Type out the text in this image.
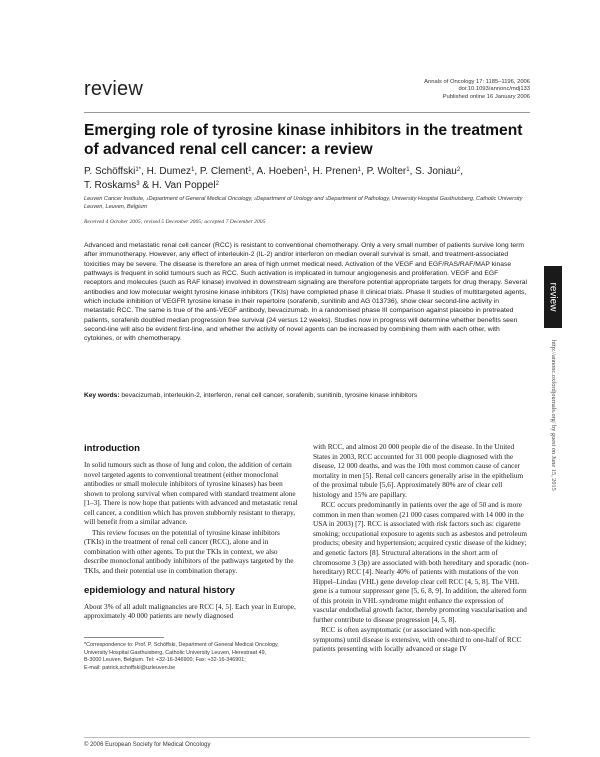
review	Annals of Oncology 17: 1185–1196, 2006
doi:10.1093/annonc/mdj133
Published online 16 January 2006
Emerging role of tyrosine kinase inhibitors in the treatment of advanced renal cell cancer: a review
P. Schöffski$^{1*}$, H. Dumez$^1$, P. Clement$^1$, A. Hoeben$^1$, H. Prenen$^1$, P. Wolter$^1$, S. Joniau$^2$,
T. Roskams$^3$ & H. Van Poppel$^2$
Leuven Cancer Institute, $^1$Department of General Medical Oncology, $^2$Department of Urology and $^3$Department of Pathology, University Hospital Gasthuisberg, Catholic University Leuven, Leuven, Belgium
Received 4 October 2005; revised 5 December 2005; accepted 7 December 2005
Advanced and metastatic renal cell cancer (RCC) is resistant to conventional chemotherapy. Only a very small number of patients survive long term after immunotherapy. However, any effect of interleukin-2 (IL-2) and/or interferon on median overall survival is small, and treatment-associated toxicities may be severe. The disease is therefore an area of high unmet medical need. Activation of the VEGF and EGF/RAS/RAF/MAP kinase pathways is frequent in solid tumours such as RCC. Such activation is implicated in tumour angiogenesis and proliferation. VEGF and EGF receptors and molecules (such as RAF kinase) involved in downstream signaling are therefore potential appropriate targets for drug therapy. Several antibodies and low molecular weight tyrosine kinase inhibitors (TKIs) have completed phase II clinical trials. Phase II studies of multitargeted agents, which include inhibition of VEGFR tyrosine kinase in their repertoire (sorafenib, sunitinib and AG 013736), show clear second-line activity in metastatic RCC. The same is true of the anti-VEGF antibody, bevacizumab. In a randomised phase III comparison against placebo in pretreated patients, sorafenib doubled median progression free survival (24 versus 12 weeks). Studies now in progress will determine whether benefits seen second-line will also be evident first-line, and whether the activity of novel agents can be increased by combining them with each other, with cytokines, or with chemotherapy.
Key words: bevacizumab, interleukin-2, interferon, renal cell cancer, sorafenib, sunitinib, tyrosine kinase inhibitors
review
http://annonc.oxfordjournals.org/ by guest on June 15, 2015
introduction

In solid tumours such as those of lung and colon, the addition of certain novel targeted agents to conventional treatment (either monoclonal antibodies or small molecule inhibitors of tyrosine kinases) has been shown to prolong survival when compared with standard treatment alone [1–3]. There is now hope that patients with advanced and metastatic renal cell cancer, a condition which has proven stubbornly resistant to therapy, will benefit from a similar advance.

This review focuses on the potential of tyrosine kinase inhibitors (TKIs) in the treatment of renal cell cancer (RCC), alone and in combination with other agents. To put the TKIs in context, we also describe monoclonal antibody inhibitors of the pathways targeted by the TKIs, and their potential use in combination therapy.

epidemiology and natural history

About 3% of all adult malignancies are RCC [4, 5]. Each year in Europe, approximately 40 000 patients are newly diagnosed

with RCC, and almost 20 000 people die of the disease. In the United States in 2003, RCC accounted for 31 000 people diagnosed with the disease, 12 000 deaths, and was the 10th most common cause of cancer mortality in men [5]. Renal cell cancers generally arise in the epithelium of the proximal tubule [5,6]. Approximately 80% are of clear cell histology and 15% are papillary.

RCC occurs predominantly in patients over the age of 50 and is more common in men than women (21 000 cases compared with 14 000 in the USA in 2003) [7]. RCC is associated with risk factors such as: cigarette smoking; occupational exposure to agents such as asbestos and petroleum products; obesity and hypertension; acquired cystic disease of the kidney; and genetic factors [8]. Structural alterations in the short arm of chromosome 3 (3p) are associated with both hereditary and sporadic (non-hereditary) RCC [4]. Nearly 40% of patients with mutations of the von Hippel–Lindau (VHL) gene develop clear cell RCC [4, 5, 8]. The VHL gene is a tumour suppressor gene [5, 6, 8, 9]. In addition, the altered form of this protein in VHL syndrome might enhance the expression of vascular endothelial growth factor, thereby promoting vascularisation and further contribute to disease progression [4, 5, 8].

RCC is often asymptomatic (or associated with non-specific symptoms) until disease is extensive, with one-third to one-half of RCC patients presenting with locally advanced or stage IV

*Correspondence to: Prof. P. Schöffski, Department of General Medical Oncology,
University Hospital Gasthuisberg, Catholic University Leuven, Herestraat 49,
B-3000 Leuven, Belgium. Tel: +32-16-346900; Fax: +32-16-346901;
E-mail: patrick.schoffski@uzleuven.be
© 2006 European Society for Medical Oncology
